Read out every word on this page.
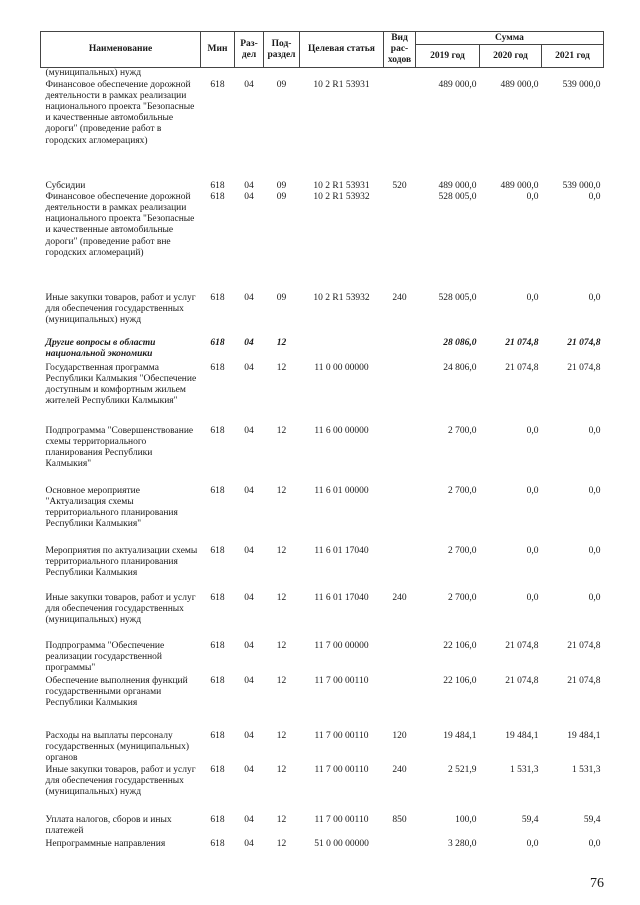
Наименование	Мин	Раз-дел	Под-раздел	Целевая статья	Вид рас-ходов	Сумма		
						2019 год	2020 год	2021 год
(муниципальных) нужд								
Финансовое обеспечение дорожной деятельности в рамках реализации национального проекта "Безопасные и качественные автомобильные дороги" (проведение работ в городских агломерациях)	618	04	09	10 2 R1 53931		489 000,0	489 000,0	539 000,0
Субсидии	618	04	09	10 2 R1 53931	520	489 000,0	489 000,0	539 000,0
Финансовое обеспечение дорожной деятельности в рамках реализации национального проекта "Безопасные и качественные автомобильные дороги" (проведение работ вне городских агломераций)	618	04	09	10 2 R1 53932		528 005,0	0,0	0,0
Иные закупки товаров, работ и услуг для обеспечения государственных (муниципальных) нужд	618	04	09	10 2 R1 53932	240	528 005,0	0,0	0,0
Другие вопросы в области национальной экономики	618	04	12			28 086,0	21 074,8	21 074,8
Государственная программа Республики Калмыкия "Обеспечение доступным и комфортным жильем жителей Республики Калмыкия"	618	04	12	11 0 00 00000		24 806,0	21 074,8	21 074,8
Подпрограмма "Совершенствование схемы территориального планирования Республики Калмыкия"	618	04	12	11 6 00 00000		2 700,0	0,0	0,0
Основное мероприятие "Актуализация схемы территориального планирования Республики Калмыкия"	618	04	12	11 6 01 00000		2 700,0	0,0	0,0
Мероприятия по актуализации схемы территориального планирования Республики Калмыкия	618	04	12	11 6 01 17040		2 700,0	0,0	0,0
Иные закупки товаров, работ и услуг для обеспечения государственных (муниципальных) нужд	618	04	12	11 6 01 17040	240	2 700,0	0,0	0,0
Подпрограмма "Обеспечение реализации государственной программы"	618	04	12	11 7 00 00000		22 106,0	21 074,8	21 074,8
Обеспечение выполнения функций государственными органами Республики Калмыкия	618	04	12	11 7 00 00110		22 106,0	21 074,8	21 074,8
Расходы на выплаты персоналу государственных (муниципальных) органов	618	04	12	11 7 00 00110	120	19 484,1	19 484,1	19 484,1
Иные закупки товаров, работ и услуг для обеспечения государственных (муниципальных) нужд	618	04	12	11 7 00 00110	240	2 521,9	1 531,3	1 531,3
Уплата налогов, сборов и иных платежей	618	04	12	11 7 00 00110	850	100,0	59,4	59,4
Непрограммные направления	618	04	12	51 0 00 00000		3 280,0	0,0	0,0
76
